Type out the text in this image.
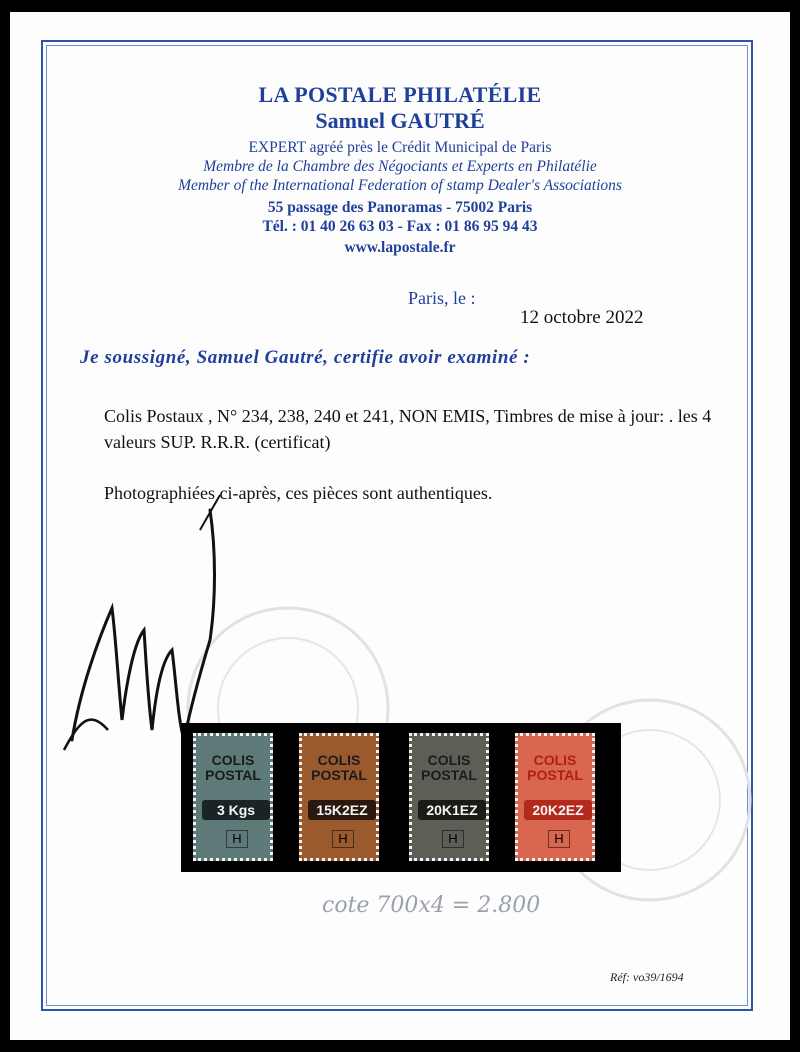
LA POSTALE PHILATÉLIE
Samuel GAUTRÉ
EXPERT agréé près le Crédit Municipal de Paris
Membre de la Chambre des Négociants et Experts en Philatélie
Member of the International Federation of stamp Dealer's Associations
55 passage des Panoramas - 75002 Paris
Tél. : 01 40 26 63 03 - Fax : 01 86 95 94 43
www.lapostale.fr
Paris, le :
12 octobre 2022
Je soussigné, Samuel Gautré, certifie avoir examiné :
Colis Postaux , N° 234, 238, 240 et 241, NON EMIS, Timbres de mise à jour: . les 4 valeurs SUP. R.R.R. (certificat)
Photographiées ci-après, ces pièces sont authentiques.
COLIS
POSTAL
3 Kgs
H
COLIS
POSTAL
15K2EZ
H
COLIS
POSTAL
20K1EZ
H
COLIS
POSTAL
20K2EZ
H
cote 700x4 = 2.800
Réf: vo39/1694
